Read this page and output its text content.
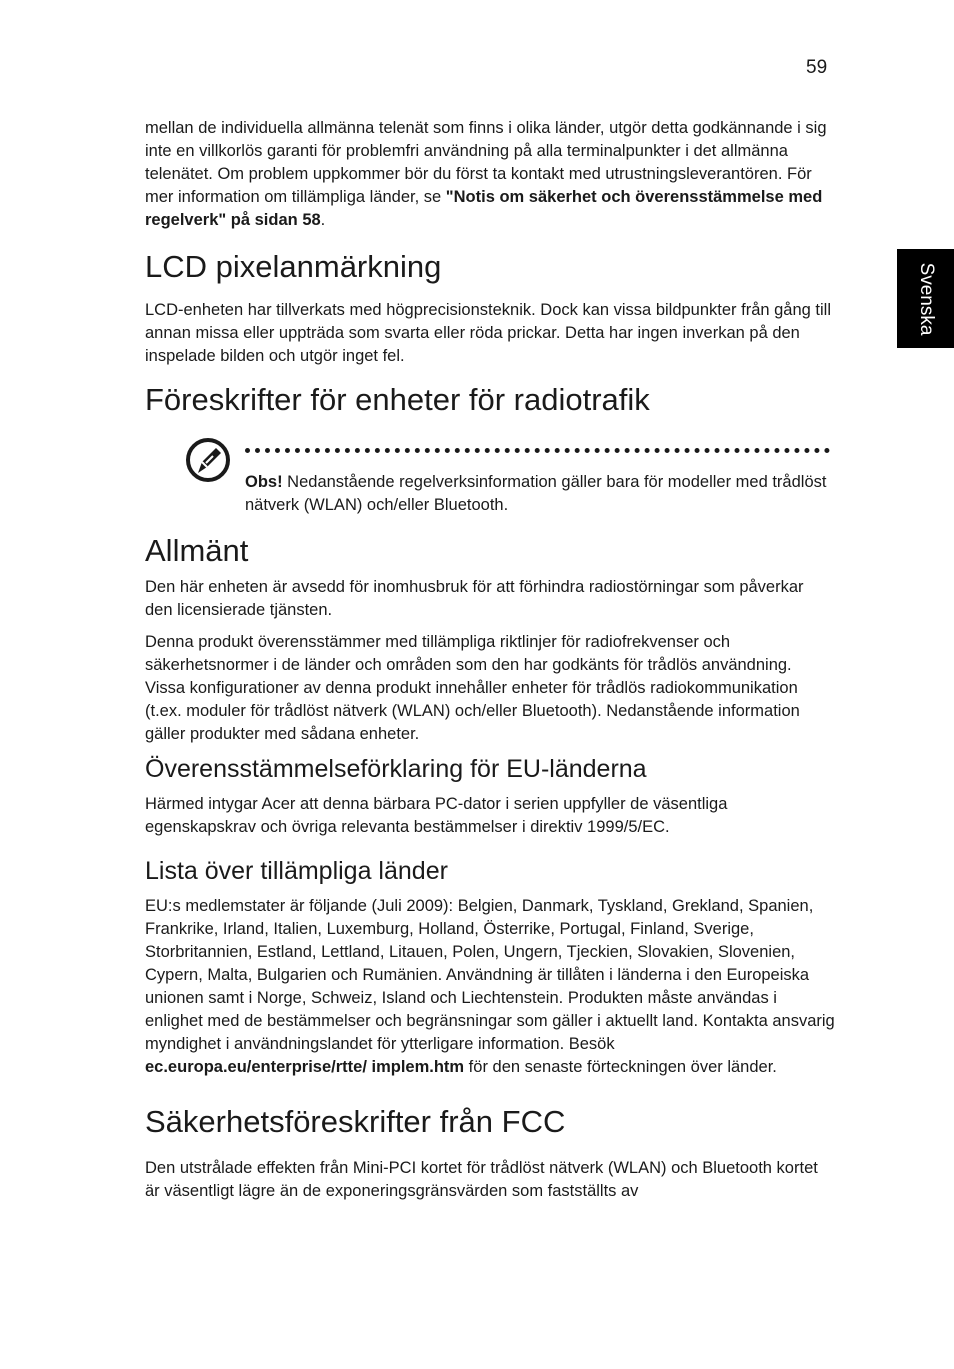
59
Svenska

mellan de individuella allmänna telenät som finns i olika länder, utgör detta godkännande i sig inte en villkorlös garanti för problemfri användning på alla terminalpunkter i det allmänna telenätet. Om problem uppkommer bör du först ta kontakt med utrustningsleverantören. För mer information om tillämpliga länder, se "Notis om säkerhet och överensstämmelse med regelverk" på sidan 58.

LCD pixelanmärkning

LCD-enheten har tillverkats med högprecisionsteknik. Dock kan vissa bildpunkter från gång till annan missa eller uppträda som svarta eller röda prickar. Detta har ingen inverkan på den inspelade bilden och utgör inget fel.

Föreskrifter för enheter för radiotrafik

Obs! Nedanstående regelverksinformation gäller bara för modeller med trådlöst nätverk (WLAN) och/eller Bluetooth.

Allmänt

Den här enheten är avsedd för inomhusbruk för att förhindra radiostörningar som påverkar den licensierade tjänsten.

Denna produkt överensstämmer med tillämpliga riktlinjer för radiofrekvenser och säkerhetsnormer i de länder och områden som den har godkänts för trådlös användning. Vissa konfigurationer av denna produkt innehåller enheter för trådlös radiokommunikation (t.ex. moduler för trådlöst nätverk (WLAN) och/eller Bluetooth). Nedanstående information gäller produkter med sådana enheter.

Överensstämmelseförklaring för EU-länderna

Härmed intygar Acer att denna bärbara PC-dator i serien uppfyller de väsentliga egenskapskrav och övriga relevanta bestämmelser i direktiv 1999/5/EC.

Lista över tillämpliga länder

EU:s medlemstater är följande (Juli 2009): Belgien, Danmark, Tyskland, Grekland, Spanien, Frankrike, Irland, Italien, Luxemburg, Holland, Österrike, Portugal, Finland, Sverige, Storbritannien, Estland, Lettland, Litauen, Polen, Ungern, Tjeckien, Slovakien, Slovenien, Cypern, Malta, Bulgarien och Rumänien. Användning är tillåten i länderna i den Europeiska unionen samt i Norge, Schweiz, Island och Liechtenstein. Produkten måste användas i enlighet med de bestämmelser och begränsningar som gäller i aktuellt land. Kontakta ansvarig myndighet i användningslandet för ytterligare information. Besök ec.europa.eu/enterprise/rtte/ implem.htm för den senaste förteckningen över länder.

Säkerhetsföreskrifter från FCC

Den utstrålade effekten från Mini-PCI kortet för trådlöst nätverk (WLAN) och Bluetooth kortet är väsentligt lägre än de exponeringsgränsvärden som fastställts av
